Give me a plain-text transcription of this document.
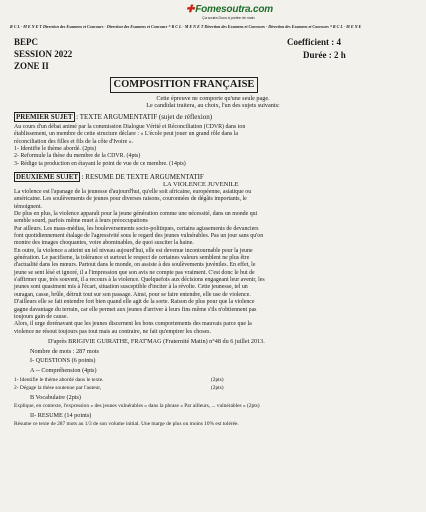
✚Fomesoutra.com
Ça soutra Docs à portée de main
R C L - M E N E T Direction des Examens et Concours - Direction des Examens et Concours * R C L - M E N E T Direction des Examens et Concours - Direction des Examens et Concours * R C L - M E N E
BEPC
SESSION 2022
ZONE II
Coefficient : 4
Durée : 2 h
COMPOSITION FRANÇAISE
Cette épreuve ne comporte qu'une seule page.
Le candidat traitera, au choix, l'un des sujets suivants:
PREMIER SUJET : TEXTE ARGUMENTATIF (sujet de réflexion)

Au cours d'un débat animé par la commission Dialogue Vérité et Réconciliation (CDVR) dans ton

établissement, un membre de cette structure déclare : « L'école peut jouer un grand rôle dans la

réconciliation des filles et fils de la côte d'Ivoire ».

1- Identifie le thème abordé. (2pts)

2- Reformule la thèse du membre de la CDVR. (4pts)

3- Rédige ta production en étayant le point de vue de ce membre. (14pts)

DEUXIEME SUJET : RESUME DE TEXTE ARGUMENTATIF
LA VIOLENCE JUVENILE

La violence est l'apanage de la jeunesse d'aujourd'hui, qu'elle soit africaine, européenne, asiatique ou

américaine. Les soulèvements de jeunes pour diverses raisons, couronnées de dégâts importants, le

témoignent.

De plus en plus, la violence apparaît pour la jeune génération comme une nécessité, dans un monde qui

semble sourd, parfois même muet à leurs préoccupations

Par ailleurs. Les mass-médias, les bouleversements socio-politiques, certains agissements de devanciers

font quotidiennement étalage de l'agressivité sous le regard des jeunes vulnérables. Pas un jour sans qu'on

montre des images choquantes, voire abominables, de quoi susciter la haine.

En outre, la violence a atteint un tel niveau aujourd'hui, elle est devenue incontournable pour la jeune

génération. Le pacifisme, la tolérance et surtout le respect de certaines valeurs semblent ne plus être

d'actualité dans les mœurs. Partout dans le monde, on assiste à des soulèvements juvéniles. En effet, le

jeune se sent lésé et ignoré, il a l'impression que son avis ne compte pas vraiment. C'est donc le but de

s'affirmer que, très souvent, il a recours à la violence. Quelquefois aux décisions engageant leur avenir, les

jeunes sont quasiment mis à l'écart, situation susceptible d'inciter à la révolte. Cette jeunesse, tel un

ouragan, casse, brûle, détruit tout sur son passage. Ainsi, pour se faire entendre, elle use de violence.

D'ailleurs elle se fait entendre fort bien quand elle agit de la sorte. Raison de plus pour que la violence

gagne davantage du terrain, car elle permet aux jeunes d'arriver à leurs fins même s'ils n'obtiennent pas

toujours gain de cause.

Alors, il urge dorénavant que les jeunes discernent les bons comportements des mauvais parce que la

violence ne résout toujours pas tout mais au contraire, ne fait qu'empirer les choses.

D'après BRIGIVIE GUIRATHE, FRAT'MAG (Fraternité Matin) n°48 du 6 juillet 2013.
Nombre de mots : 287 mots
I- QUESTIONS (6 points)
A -- Compréhension (4pts)
1- Identifie le thème abordé dans le texte.	(2pts)
2- Dégage la thèse soutenue par l'auteur,	(2pts)
B Vocabulaire (2pts)
Explique, en contexte, l'expression « des jeunes vulnérables » dans la phrase « Par ailleurs, ... vulnérables » (2pts)
II- RESUME (14 points)
Résume ce texte de 287 mots au 1/3 de son volume initial. Une marge de plus ou moins 10% est tolérée.
